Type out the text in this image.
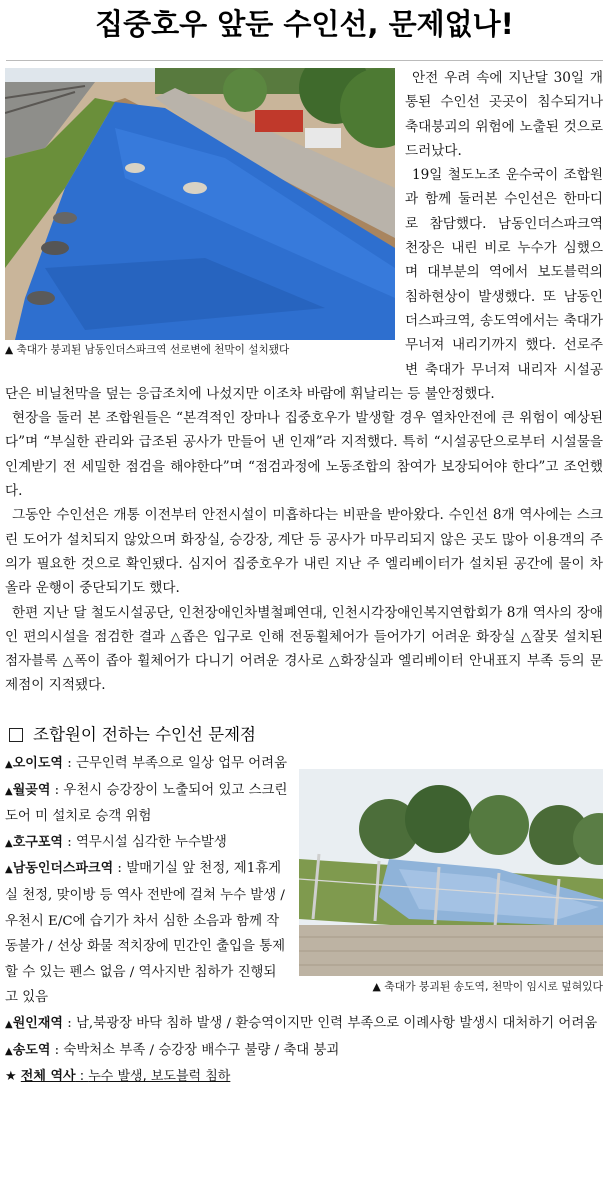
집중호우 앞둔 수인선, 문제없나!
▲ 축대가 붕괴된 남동인더스파크역 선로변에 천막이 설치됐다

안전 우려 속에 지난달 30일 개통된 수인선 곳곳이 침수되거나 축대붕괴의 위험에 노출된 것으로 드러났다.

19일 철도노조 운수국이 조합원과 함께 둘러본 수인선은 한마디로 참담했다. 남동인더스파크역 천장은 내린 비로 누수가 심했으며 대부분의 역에서 보도블럭의 침하현상이 발생했다. 또 남동인더스파크역, 송도역에서는 축대가 무너져 내리기까지 했다. 선로주변 축대가 무너져 내리자 시설공단은 비닐천막을 덮는 응급조치에 나섰지만 이조차 바람에 휘날리는 등 불안정했다.

현장을 둘러 본 조합원들은 “본격적인 장마나 집중호우가 발생할 경우 열차안전에 큰 위험이 예상된다”며 “부실한 관리와 급조된 공사가 만들어 낸 인재”라 지적했다. 특히 “시설공단으로부터 시설물을 인계받기 전 세밀한 점검을 해야한다”며 “점검과정에 노동조합의 참여가 보장되어야 한다”고 조언했다.

그동안 수인선은 개통 이전부터 안전시설이 미흡하다는 비판을 받아왔다. 수인선 8개 역사에는 스크린 도어가 설치되지 않았으며 화장실, 승강장, 계단 등 공사가 마무리되지 않은 곳도 많아 이용객의 주의가 필요한 것으로 확인됐다. 심지어 집중호우가 내린 지난 주 엘리베이터가 설치된 공간에 물이 차올라 운행이 중단되기도 했다.

한편 지난 달 철도시설공단, 인천장애인차별철폐연대, 인천시각장애인복지연합회가 8개 역사의 장애인 편의시설을 점검한 결과 △좁은 입구로 인해 전동휠체어가 들어가기 어려운 화장실 △잘못 설치된 점자블록 △폭이 좁아 휠체어가 다니기 어려운 경사로 △화장실과 엘리베이터 안내표지 부족 등의 문제점이 지적됐다.

조합원이 전하는 수인선 문제점
▲ 축대가 붕괴된 송도역, 천막이 임시로 덮혀있다

▲오이도역 : 근무인력 부족으로 일상 업무 어려움

▲월곶역 : 우천시 승강장이 노출되어 있고 스크린도어 미 설치로 승객 위험

▲호구포역 : 역무시설 심각한 누수발생

▲남동인더스파크역 : 발매기실 앞 천정, 제1휴게실 천정, 맞이방 등 역사 전반에 걸쳐 누수 발생 / 우천시 E/C에 습기가 차서 심한 소음과 함께 작동불가 / 선상 화물 적치장에 민간인 출입을 통제할 수 있는 펜스 없음 / 역사지반 침하가 진행되고 있음

▲원인재역 : 남,북광장 바닥 침하 발생 / 환승역이지만 인력 부족으로 이례사항 발생시 대처하기 어려움

▲송도역 : 숙박처소 부족 / 승강장 배수구 불량 / 축대 붕괴

★ 전체 역사 : 누수 발생, 보도블럭 침하
